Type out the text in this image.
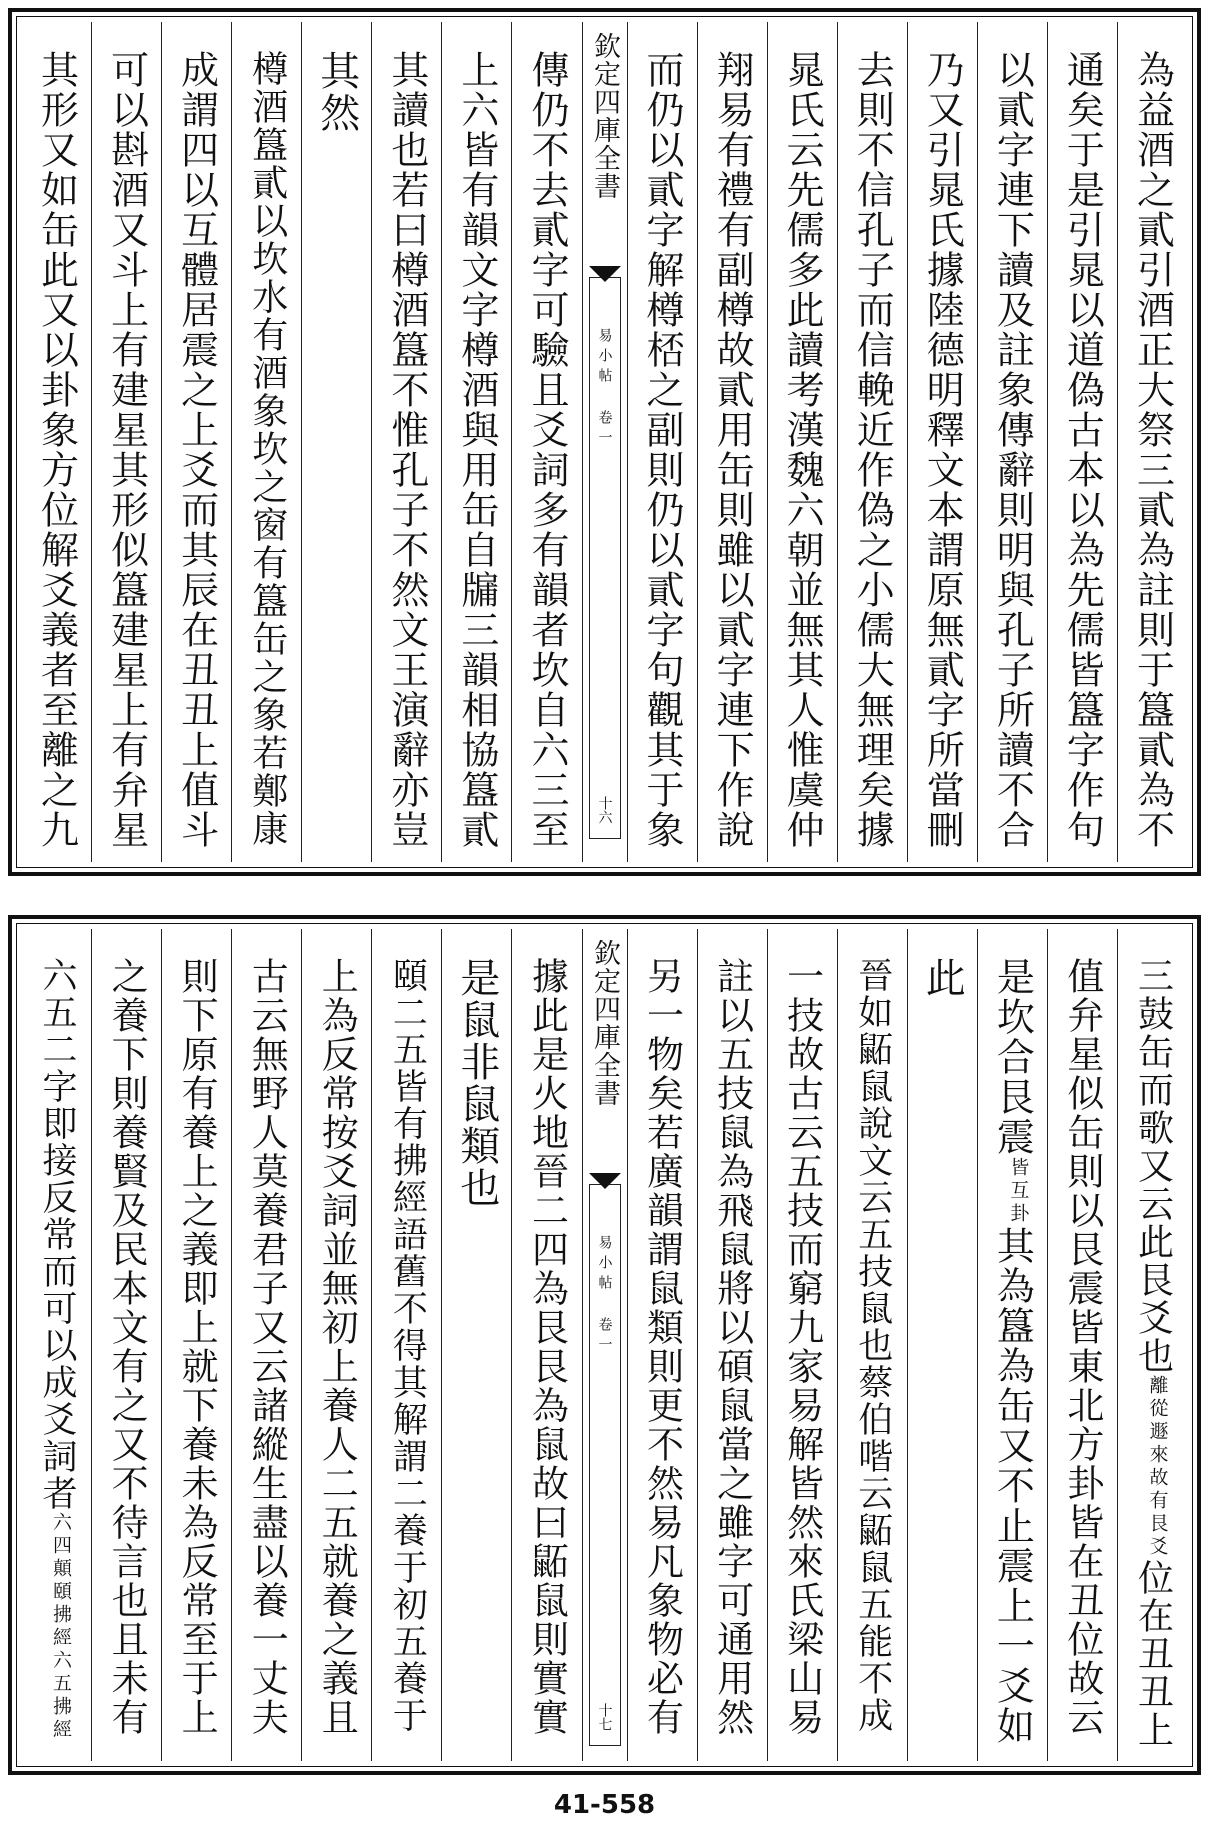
為益酒之貳引酒正大祭三貳為註則于簋貳為不
通矣于是引晁以道偽古本以為先儒皆簋字作句
以貳字連下讀及註象傳辭則明與孔子所讀不合
乃又引晁氏據陸德明釋文本謂原無貳字所當刪
去則不信孔子而信輓近作偽之小儒大無理矣據
晁氏云先儒多此讀考漢魏六朝並無其人惟虞仲
翔易有禮有副樽故貳用缶則雖以貳字連下作說
而仍以貳字解樽桮之副則仍以貳字句觀其于象
欽定四庫全書
易小帖 卷一
十六
傳仍不去貳字可驗且爻詞多有韻者坎自六三至
上六皆有韻文字樽酒與用缶自牖三韻相協簋貳
其讀也若曰樽酒簋不惟孔子不然文王演辭亦豈
其然
樽酒簋貳以坎水有酒象坎之窗有簋缶之象若鄭康
成謂四以互體居震之上爻而其辰在丑丑上值斗
可以斟酒又斗上有建星其形似簋建星上有弁星
其形又如缶此又以卦象方位解爻義者至離之九
三鼓缶而歌又云此艮爻也離從遯來故有艮爻位在丑丑上
值弁星似缶則以艮震皆東北方卦皆在丑位故云
是坎合艮震皆互卦其為簋為缶又不止震上一爻如
此
晉如鼫鼠說文云五技鼠也蔡伯喈云鼫鼠五能不成
一技故古云五技而窮九家易解皆然來氏梁山易
註以五技鼠為飛鼠將以碩鼠當之雖字可通用然
另一物矣若廣韻謂鼠類則更不然易凡象物必有
欽定四庫全書
易小帖 卷一
十七
據此是火地晉二四為艮艮為鼠故曰鼫鼠則實實
是鼠非鼠類也
頤二五皆有拂經語舊不得其解謂二養于初五養于
上為反常按爻詞並無初上養人二五就養之義且
古云無野人莫養君子又云諸縱生盡以養一丈夫
則下原有養上之義即上就下養未為反常至于上
之養下則養賢及民本文有之又不待言也且未有
六五二字即接反常而可以成爻詞者六四顛頤拂經六五拂經
41-558
